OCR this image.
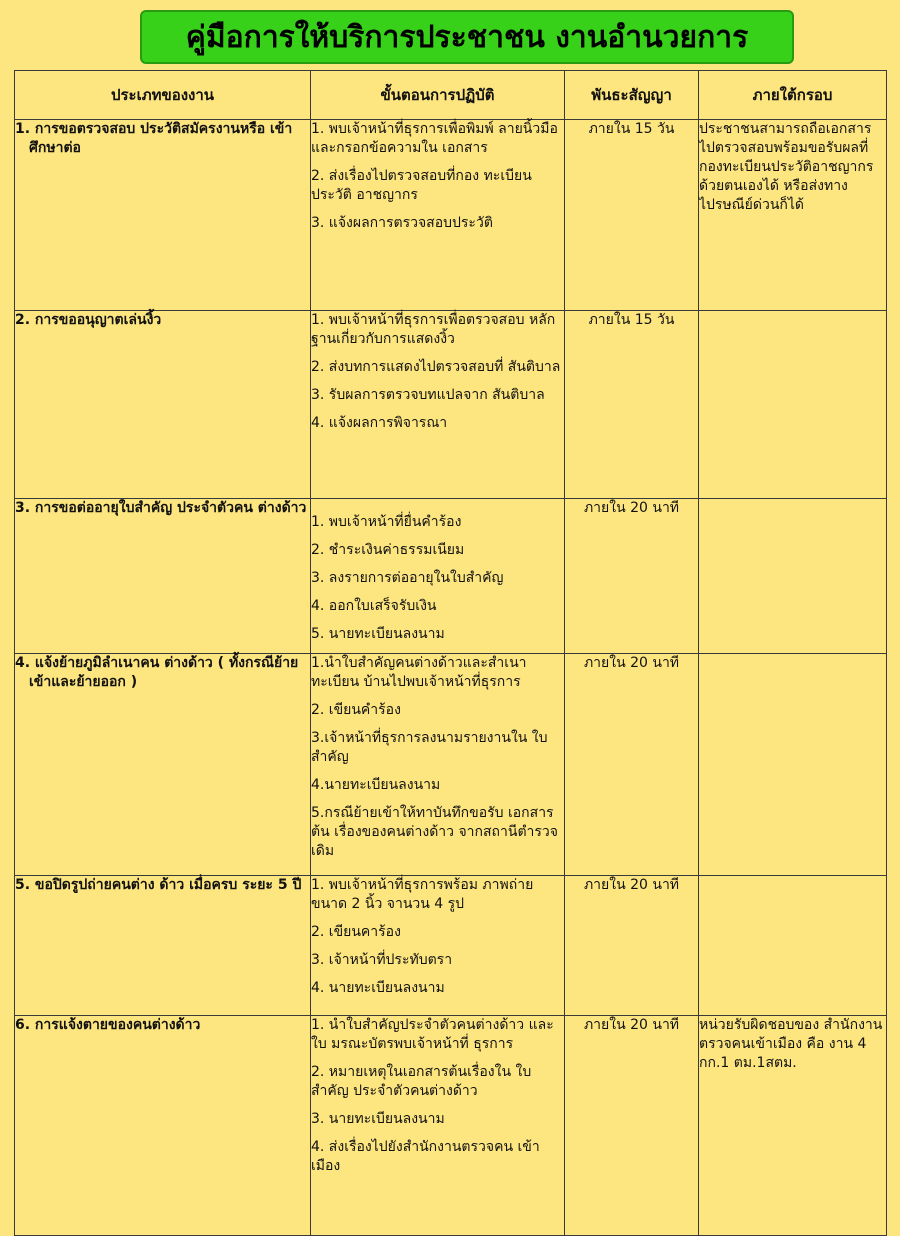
คู่มือการให้บริการประชาชน งานอำนวยการ
ประเภทของงาน	ขั้นตอนการปฏิบัติ	พันธะสัญญา	ภายใต้กรอบ

1. การขอตรวจสอบ ประวัติสมัครงานหรือ เข้าศึกษาต่อ	1. พบเจ้าหน้าที่ธุรการเพื่อพิมพ์ ลายนิ้วมือ และกรอกข้อความใน เอกสาร
2. ส่งเรื่องไปตรวจสอบที่กอง ทะเบียนประวัติ อาชญากร
3. แจ้งผลการตรวจสอบประวัติ	ภายใน 15 วัน	ประชาชนสามารถถือเอกสาร ไปตรวจสอบพร้อมขอรับผลที่ กองทะเบียนประวัติอาชญากร ด้วยตนเองได้ หรือส่งทาง ไปรษณีย์ด่วนก็ได้

2. การขออนุญาตเล่นงิ้ว	1. พบเจ้าหน้าที่ธุรการเพื่อตรวจสอบ หลักฐานเกี่ยวกับการแสดงงิ้ว
2. ส่งบทการแสดงไปตรวจสอบที่ สันติบาล
3. รับผลการตรวจบทแปลจาก สันติบาล
4. แจ้งผลการพิจารณา	ภายใน 15 วัน	

3. การขอต่ออายุใบสำคัญ ประจำตัวคน ต่างด้าว	1. พบเจ้าหน้าที่ยื่นคำร้อง
2. ชำระเงินค่าธรรมเนียม
3. ลงรายการต่ออายุในใบสำคัญ
4. ออกใบเสร็จรับเงิน
5. นายทะเบียนลงนาม	ภายใน 20 นาที	

4. แจ้งย้ายภูมิลำเนาคน ต่างด้าว ( ทั้งกรณีย้าย เข้าและย้ายออก )	1.นำใบสำคัญคนต่างด้าวและสำเนา ทะเบียน บ้านไปพบเจ้าหน้าที่ธุรการ
2. เขียนคำร้อง
3.เจ้าหน้าที่ธุรการลงนามรายงานใน ใบสำคัญ
4.นายทะเบียนลงนาม
5.กรณีย้ายเข้าให้ทาบันทึกขอรับ เอกสารต้น เรื่องของคนต่างด้าว จากสถานีตำรวจเดิม	ภายใน 20 นาที	

5. ขอปิดรูปถ่ายคนต่าง ด้าว เมื่อครบ ระยะ 5 ปี	1. พบเจ้าหน้าที่ธุรการพร้อม ภาพถ่ายขนาด 2 นิ้ว จานวน 4 รูป
2. เขียนคาร้อง
3. เจ้าหน้าที่ประทับตรา
4. นายทะเบียนลงนาม	ภายใน 20 นาที	

6. การแจ้งตายของคนต่างด้าว	1. นำใบสำคัญประจำตัวคนต่างด้าว และใบ มรณะบัตรพบเจ้าหน้าที่ ธุรการ
2. หมายเหตุในเอกสารต้นเรื่องใน ใบสำคัญ ประจำตัวคนต่างด้าว
3. นายทะเบียนลงนาม
4. ส่งเรื่องไปยังสำนักงานตรวจคน เข้าเมือง	ภายใน 20 นาที	หน่วยรับผิดชอบของ สำนักงานตรวจคนเข้าเมือง คือ งาน 4 กก.1 ตม.1สตม.
